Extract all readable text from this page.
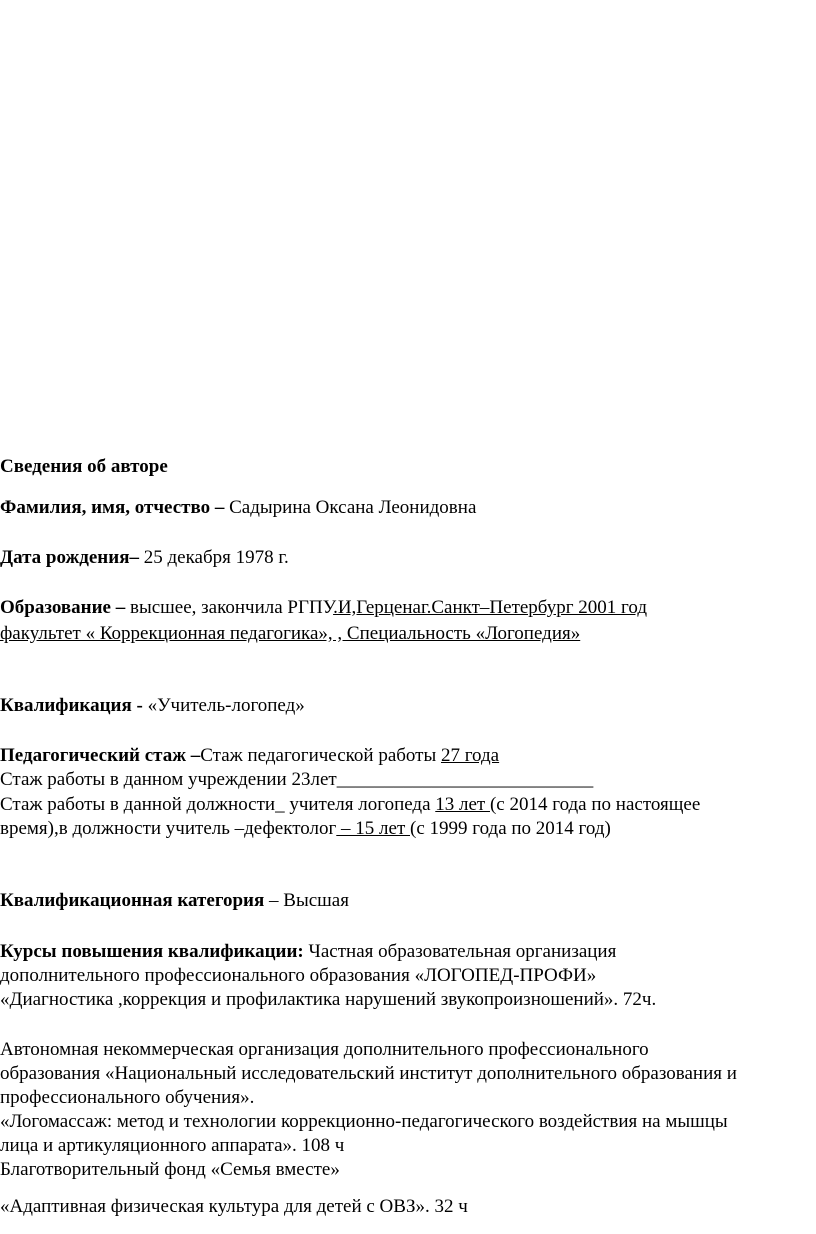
Сведения об авторе
Фамилия, имя, отчество – Садырина Оксана Леонидовна
Дата рождения– 25 декабря 1978 г.
Образование – высшее, закончила РГПУ.И,Герценаг.Санкт–Петербург 2001 год
факультет « Коррекционная педагогика», , Специальность «Логопедия»
Квалификация - «Учитель-логопед»
Педагогический стаж –Стаж педагогической работы 27 года
Стаж работы в данном учреждении 23лет___________________________
Стаж работы в данной должности_ учителя логопеда 13 лет (с 2014 года по настоящее
время),в должности учитель –дефектолог – 15 лет (с 1999 года по 2014 год)
Квалификационная категория – Высшая
Курсы повышения квалификации: Частная образовательная организация
дополнительного профессионального образования «ЛОГОПЕД-ПРОФИ»
«Диагностика ,коррекция и профилактика нарушений звукопроизношений». 72ч.
Автономная некоммерческая организация дополнительного профессионального
образования «Национальный исследовательский институт дополнительного образования и
профессионального обучения».
«Логомассаж: метод и технологии коррекционно-педагогического воздействия на мышцы
лица и артикуляционного аппарата». 108 ч
Благотворительный фонд «Семья вместе»
«Адаптивная физическая культура для детей с ОВЗ». 32 ч
